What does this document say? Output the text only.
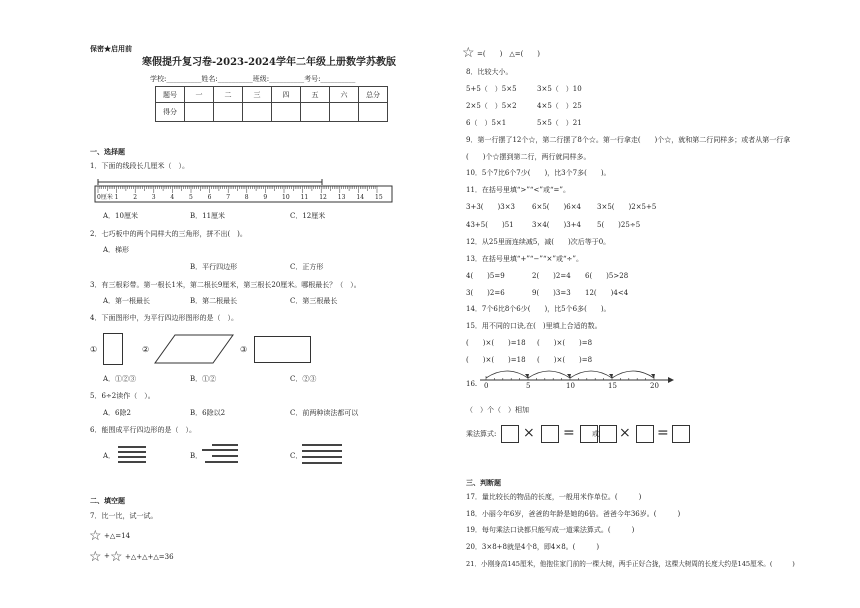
保密★启用前
寒假提升复习卷-2023-2024学年二年级上册数学苏教版
学校:__________姓名:__________班级:__________考号:__________
题号	一	二	三	四	五	六	总分
得分							
一、选择题
1．下面的线段长几厘米（　）。
0厘米 1 2 3 4 5 6 7 8 9 10 11 12 13 14 15
A．10厘米	B．11厘米	C．12厘米
2．七巧板中的两个同样大的三角形，拼不出(　)。
A．梯形
B．平行四边形	C．正方形
3．有三根彩带。第一根长1米，第二根长9厘米，第三根长20厘米。哪根最长？（　）。
A．第一根最长	B．第二根最长	C．第三根最长
4．下面图形中，为平行四边形图形的是（　）。
①	②	③
A．①②③	B．①②	C．②③
5．6÷2读作（　）。
A．6除2	B．6除以2	C．前两种读法都可以
6．能围成平行四边形的是（　）。
A．	B．	C．
二、填空题
7．比一比，试一试。
☆ +△=14
☆ + ☆ +△+△+△=36
☆ =(　　)　△=(　　)
8．比较大小。
5+5（　）5×5	3×5（　）10
2×5（　）5×2	4×5（　）25
6（　）5×1	5×5（　）21
9．第一行摆了12个☆，第二行摆了8个☆。第一行拿走(　　)个☆，就和第二行同样多；或者从第一行拿
(　　)个☆摆到第二行，两行就同样多。
10．5个7比6个7少(　　)，比3个7多(　　)。
11．在括号里填“>”“<”或“=”。
3+3(　　)3×3 6×5(　　)6×4 3×5(　　)2×5+5
43+5(　　)51	3×4(　　)3+4 5(　　)25÷5
12．从25里面连续减5，减(　　)次后等于0。
13．在括号里填“+”“−”“×”或“÷”。
4(　　)5=9	2(　　)2=4 6(　　)5>28
3(　　)2=6	9(　　)3=3 12(　　)4<4
14．7个6比8个6少(　　)，比5个6多(　　)。
15．用不同的口诀,在(　)里填上合适的数。
(　　)×(　　)=18 (　　)×(　　)=8
(　　)×(　　)=18 (　　)×(　　)=8
16. 0	5	10	15	20
（　）个（　）相加
乘法算式: × = 或 × =
三、判断题
17．量比较长的物品的长度，一般用米作单位。(　　　)
18．小丽今年6岁，爸爸的年龄是她的6倍。爸爸今年36岁。(　　　)
19．每句乘法口诀都只能写成一道乘法算式。(　　　)
20．3×8+8就是4个8，即4×8。(　　　)
21．小刚身高145厘米，他抱住家门前的一棵大树，两手正好合拢，这棵大树周的长度大约是145厘米。(　　　)
